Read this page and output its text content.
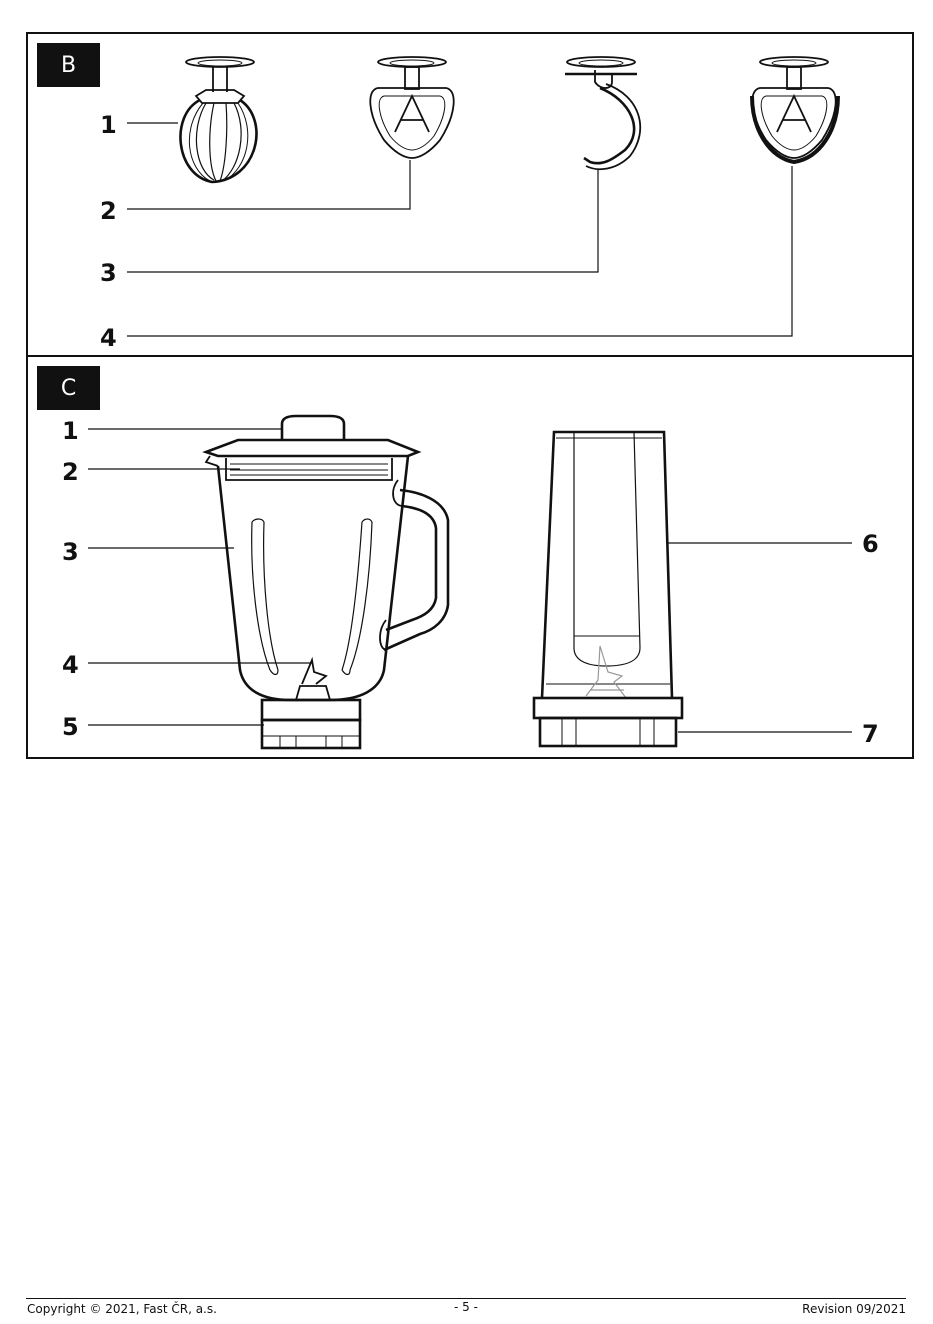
B
C
1
2
3
4
1
2
3
4
5
6
7
Copyright © 2021, Fast ČR, a.s.	- 5 -	Revision 09/2021
